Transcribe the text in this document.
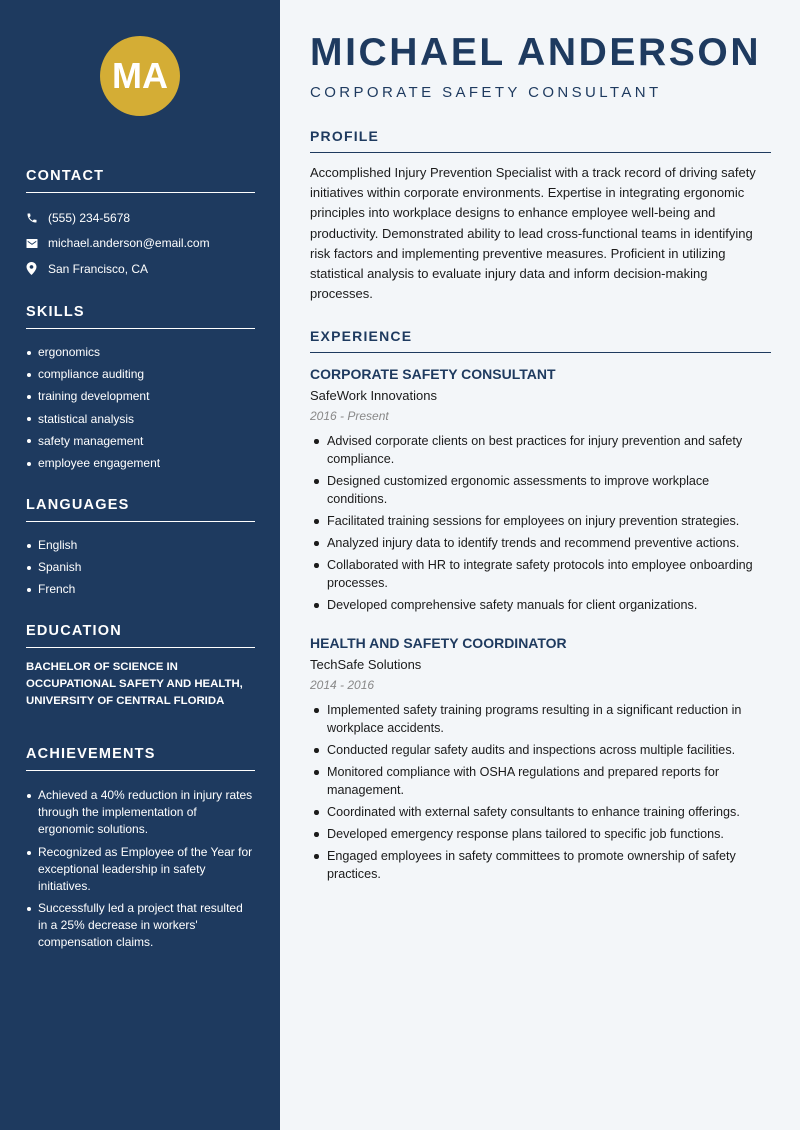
MA
CONTACT
(555) 234-5678
michael.anderson@email.com
San Francisco, CA
SKILLS
ergonomics
compliance auditing
training development
statistical analysis
safety management
employee engagement
LANGUAGES
English
Spanish
French
EDUCATION
BACHELOR OF SCIENCE IN OCCUPATIONAL SAFETY AND HEALTH, UNIVERSITY OF CENTRAL FLORIDA
ACHIEVEMENTS
Achieved a 40% reduction in injury rates through the implementation of ergonomic solutions.
Recognized as Employee of the Year for exceptional leadership in safety initiatives.
Successfully led a project that resulted in a 25% decrease in workers' compensation claims.
MICHAEL ANDERSON
CORPORATE SAFETY CONSULTANT
PROFILE
Accomplished Injury Prevention Specialist with a track record of driving safety initiatives within corporate environments. Expertise in integrating ergonomic principles into workplace designs to enhance employee well-being and productivity. Demonstrated ability to lead cross-functional teams in identifying risk factors and implementing preventive measures. Proficient in utilizing statistical analysis to evaluate injury data and inform decision-making processes.
EXPERIENCE
CORPORATE SAFETY CONSULTANT
SafeWork Innovations
2016 - Present
Advised corporate clients on best practices for injury prevention and safety compliance.
Designed customized ergonomic assessments to improve workplace conditions.
Facilitated training sessions for employees on injury prevention strategies.
Analyzed injury data to identify trends and recommend preventive actions.
Collaborated with HR to integrate safety protocols into employee onboarding processes.
Developed comprehensive safety manuals for client organizations.
HEALTH AND SAFETY COORDINATOR
TechSafe Solutions
2014 - 2016
Implemented safety training programs resulting in a significant reduction in workplace accidents.
Conducted regular safety audits and inspections across multiple facilities.
Monitored compliance with OSHA regulations and prepared reports for management.
Coordinated with external safety consultants to enhance training offerings.
Developed emergency response plans tailored to specific job functions.
Engaged employees in safety committees to promote ownership of safety practices.
